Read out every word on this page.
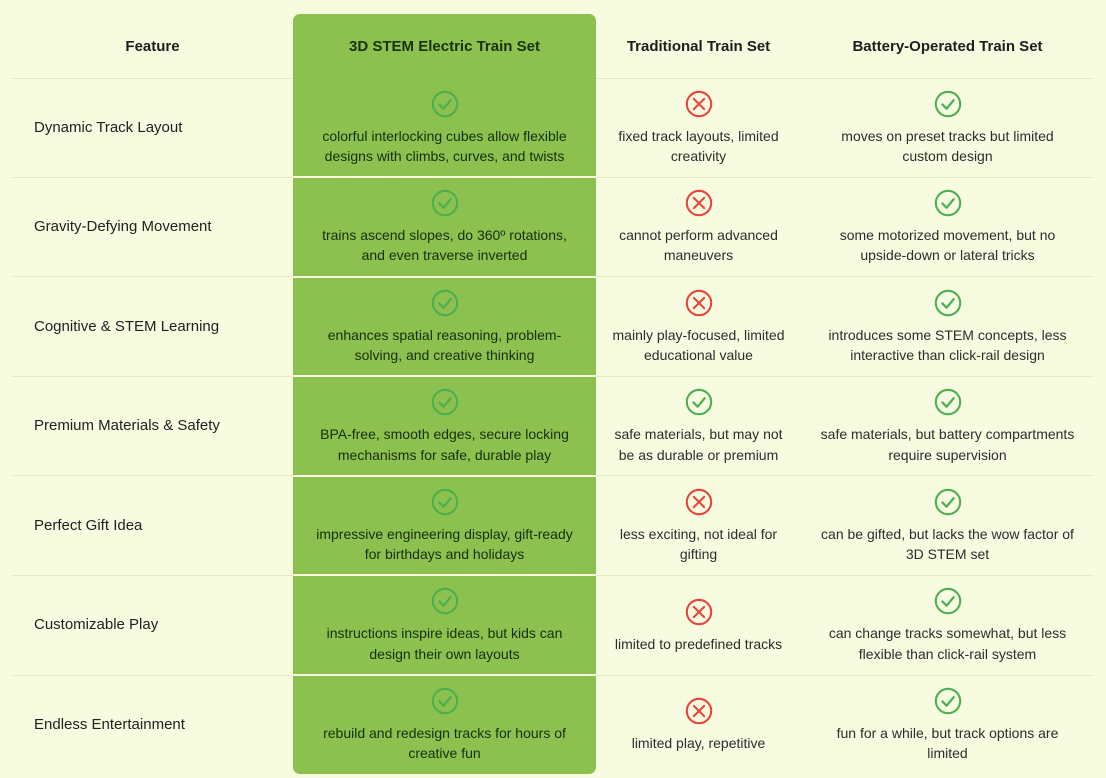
Feature	3D STEM Electric Train Set	Traditional Train Set	Battery-Operated Train Set
Dynamic Track Layout	colorful interlocking cubes allow flexible designs with climbs, curves, and twists	fixed track layouts, limited creativity	moves on preset tracks but limited custom design

Gravity-Defying Movement	trains ascend slopes, do 360º rotations, and even traverse inverted	cannot perform advanced maneuvers	some motorized movement, but no upside-down or lateral tricks

Cognitive & STEM Learning	enhances spatial reasoning, problem-solving, and creative thinking	mainly play-focused, limited educational value	introduces some STEM concepts, less interactive than click-rail design

Premium Materials & Safety	BPA-free, smooth edges, secure locking mechanisms for safe, durable play	safe materials, but may not be as durable or premium	safe materials, but battery compartments require supervision

Perfect Gift Idea	impressive engineering display, gift-ready for birthdays and holidays	less exciting, not ideal for gifting	can be gifted, but lacks the wow factor of 3D STEM set

Customizable Play	instructions inspire ideas, but kids can design their own layouts	limited to predefined tracks	can change tracks somewhat, but less flexible than click-rail system

Endless Entertainment	rebuild and redesign tracks for hours of creative fun	limited play, repetitive	fun for a while, but track options are limited
